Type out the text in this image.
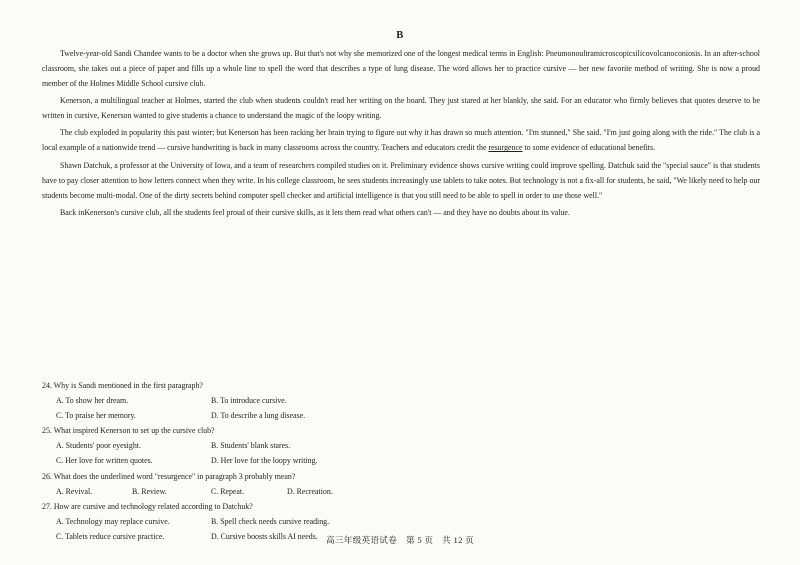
B

Twelve-year-old Sandi Chandee wants to be a doctor when she grows up. But that's not why she memorized one of the longest medical terms in English: Pneumonoultramicroscopicsilicovolcanoconiosis. In an after-school classroom, she takes out a piece of paper and fills up a whole line to spell the word that describes a type of lung disease. The word allows her to practice cursive — her new favorite method of writing. She is now a proud member of the Holmes Middle School cursive club.

Kenerson, a multilingual teacher at Holmes, started the club when students couldn't read her writing on the board. They just stared at her blankly, she said. For an educator who firmly believes that quotes deserve to be written in cursive, Kenerson wanted to give students a chance to understand the magic of the loopy writing.

The club exploded in popularity this past winter; but Kenerson has been racking her brain trying to figure out why it has drawn so much attention. "I'm stunned," She said. "I'm just going along with the ride." The club is a local example of a nationwide trend — cursive handwriting is back in many classrooms across the country. Teachers and educators credit the resurgence to some evidence of educational benefits.

Shawn Datchuk, a professor at the University of Iowa, and a team of researchers compiled studies on it. Preliminary evidence shows cursive writing could improve spelling. Datchuk said the "special sauce" is that students have to pay closer attention to how letters connect when they write. In his college classroom, he sees students increasingly use tablets to take notes. But technology is not a fix-all for students, he said, "We likely need to help our students become multi-modal. One of the dirty secrets behind computer spell checker and artificial intelligence is that you still need to be able to spell in order to use those well."

Back inKenerson's cursive club, all the students feel proud of their cursive skills, as it lets them read what others can't — and they have no doubts about its value.

24. Why is Sandi mentioned in the first paragraph?
A. To show her dream.	B. To introduce cursive.
C. To praise her memory.	D. To describe a lung disease.
25. What inspired Kenerson to set up the cursive club?
A. Students' poor eyesight.	B. Students' blank stares.
C. Her love for written quotes.	D. Her love for the loopy writing.
26. What does the underlined word "resurgence" in paragraph 3 probably mean?
A. Revival.	B. Review.	C. Repeat.	D. Recreation.
27. How are cursive and technology related according to Datchuk?
A. Technology may replace cursive.	B. Spell check needs cursive reading.
C. Tablets reduce cursive practice.	D. Cursive boosts skills AI needs. 高三年级英语试卷　第 5 页　共 12 页
